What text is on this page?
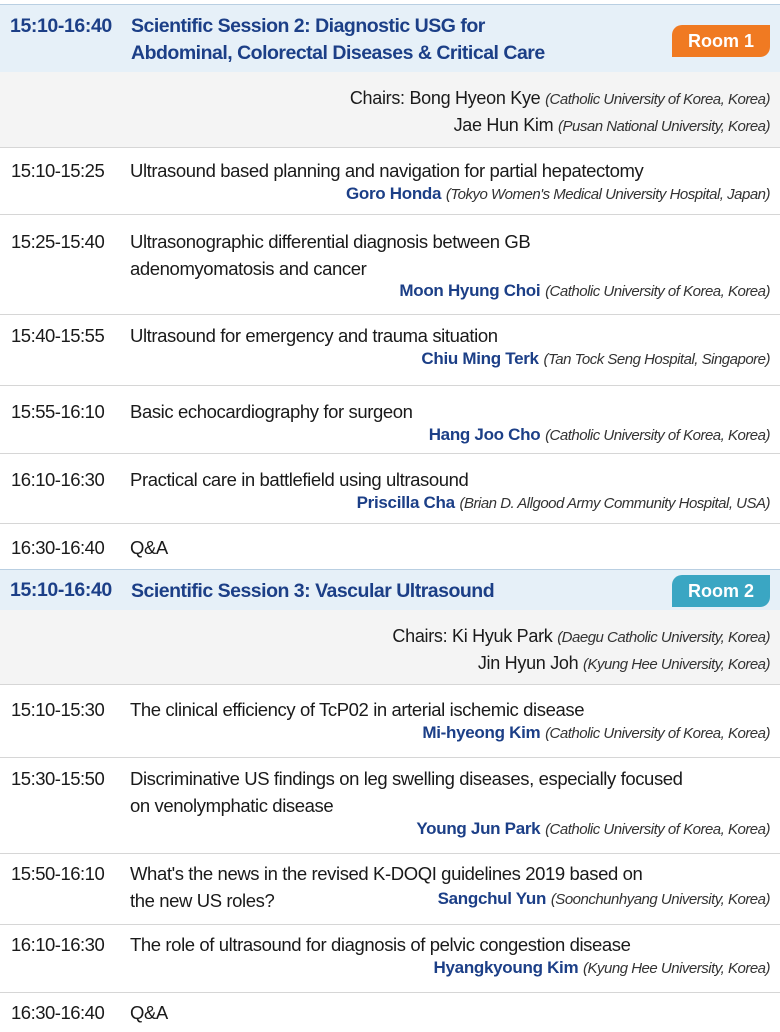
15:10-16:40 Scientific Session 2: Diagnostic USG for
Abdominal, Colorectal Diseases & Critical Care
Room 1
Chairs: Bong Hyeon Kye (Catholic University of Korea, Korea)
Jae Hun Kim (Pusan National University, Korea)
15:10-15:25 Ultrasound based planning and navigation for partial hepatectomy
Goro Honda (Tokyo Women's Medical University Hospital, Japan)
15:25-15:40 Ultrasonographic differential diagnosis between GB
adenomyomatosis and cancer
Moon Hyung Choi (Catholic University of Korea, Korea)
15:40-15:55 Ultrasound for emergency and trauma situation
Chiu Ming Terk (Tan Tock Seng Hospital, Singapore)
15:55-16:10 Basic echocardiography for surgeon
Hang Joo Cho (Catholic University of Korea, Korea)
16:10-16:30 Practical care in battlefield using ultrasound
Priscilla Cha (Brian D. Allgood Army Community Hospital, USA)
16:30-16:40 Q&A
15:10-16:40 Scientific Session 3: Vascular Ultrasound	Room 2
Chairs: Ki Hyuk Park (Daegu Catholic University, Korea)
Jin Hyun Joh (Kyung Hee University, Korea)
15:10-15:30 The clinical efficiency of TcP02 in arterial ischemic disease
Mi-hyeong Kim (Catholic University of Korea, Korea)
15:30-15:50 Discriminative US findings on leg swelling diseases, especially focused
on venolymphatic disease
Young Jun Park (Catholic University of Korea, Korea)
15:50-16:10 What's the news in the revised K-DOQI guidelines 2019 based on
the new US roles?	Sangchul Yun (Soonchunhyang University, Korea)
16:10-16:30 The role of ultrasound for diagnosis of pelvic congestion disease
Hyangkyoung Kim (Kyung Hee University, Korea)
16:30-16:40 Q&A
